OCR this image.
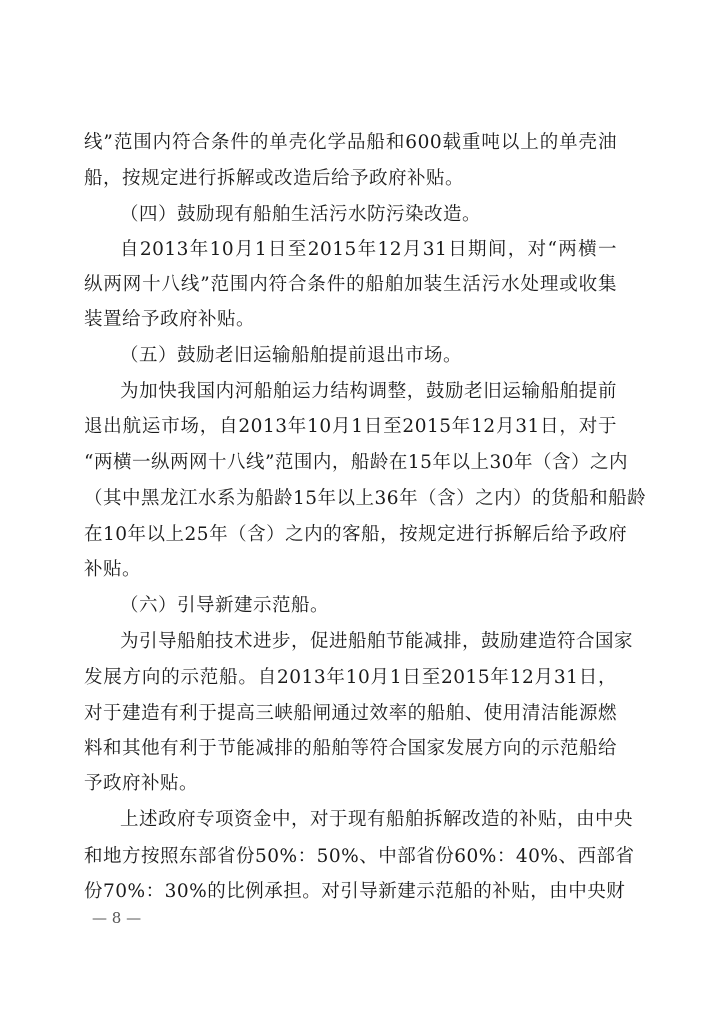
线”范围内符合条件的单壳化学品船和600载重吨以上的单壳油
船，按规定进行拆解或改造后给予政府补贴。
（四）鼓励现有船舶生活污水防污染改造。
自2013年10月1日至2015年12月31日期间，对“两横一
纵两网十八线”范围内符合条件的船舶加装生活污水处理或收集
装置给予政府补贴。
（五）鼓励老旧运输船舶提前退出市场。
为加快我国内河船舶运力结构调整，鼓励老旧运输船舶提前
退出航运市场，自2013年10月1日至2015年12月31日，对于
“两横一纵两网十八线”范围内，船龄在15年以上30年（含）之内
（其中黑龙江水系为船龄15年以上36年（含）之内）的货船和船龄
在10年以上25年（含）之内的客船，按规定进行拆解后给予政府
补贴。
（六）引导新建示范船。
为引导船舶技术进步，促进船舶节能减排，鼓励建造符合国家
发展方向的示范船。自2013年10月1日至2015年12月31日，
对于建造有利于提高三峡船闸通过效率的船舶、使用清洁能源燃
料和其他有利于节能减排的船舶等符合国家发展方向的示范船给
予政府补贴。
上述政府专项资金中，对于现有船舶拆解改造的补贴，由中央
和地方按照东部省份50%：50%、中部省份60%：40%、西部省
份70%：30%的比例承担。对引导新建示范船的补贴，由中央财
— 8 —
